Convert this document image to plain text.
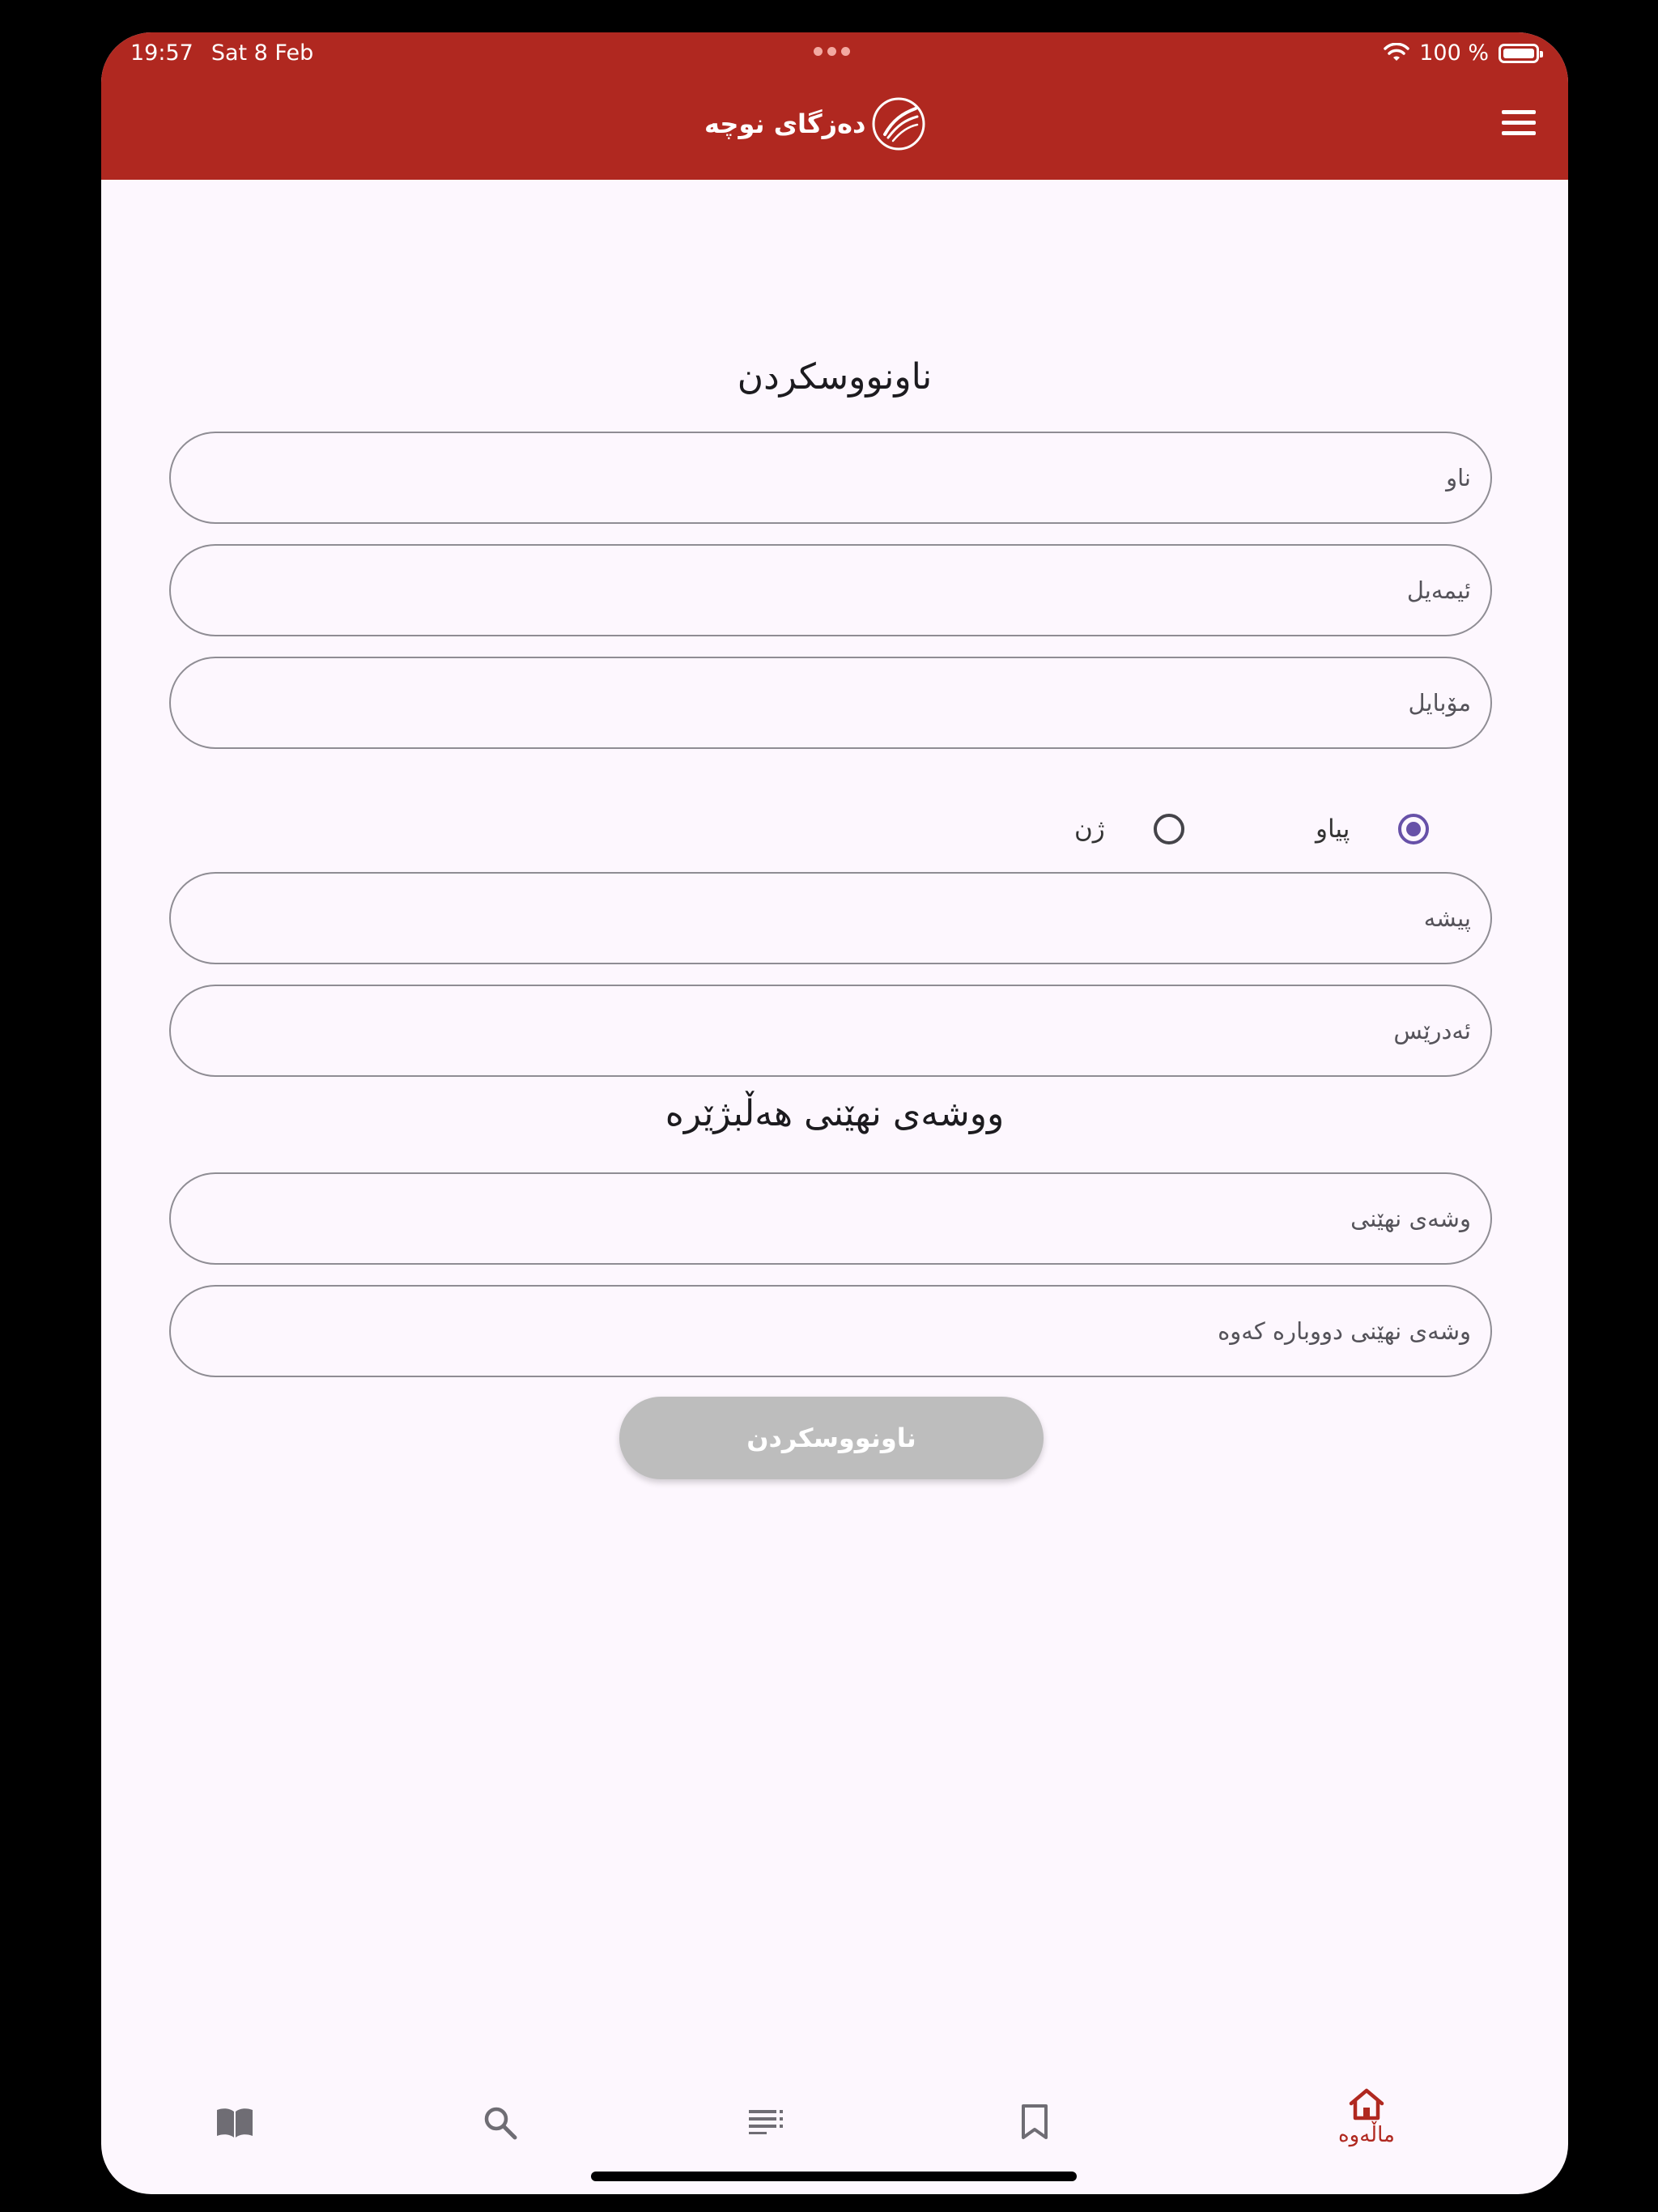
19:57 Sat 8 Feb	100 %
دەزگای نوچە
ناونووسکردن
ناو
ئیمەیل
مۆبایل
پیاو
ژن
پیشە
ئەدرێس
ووشەی نهێنی هەڵبژێرە
ناونووسکردن
ماڵەوە
